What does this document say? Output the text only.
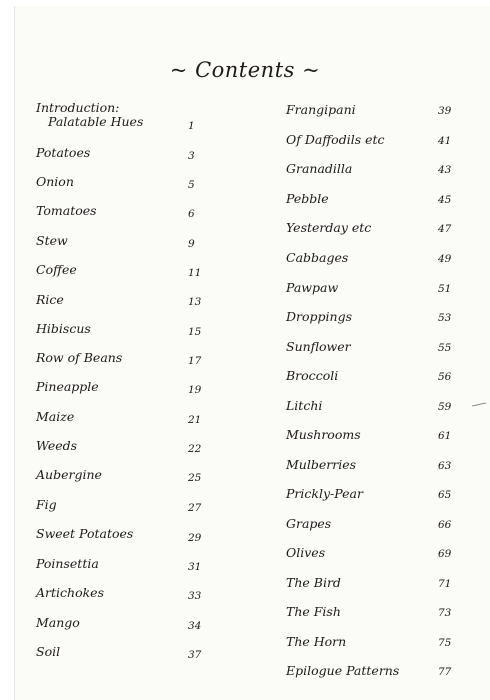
~ Contents ~
Introduction:
Palatable Hues	1
Potatoes	3
Onion	5
Tomatoes	6
Stew	9
Coffee	11
Rice	13
Hibiscus	15
Row of Beans	17
Pineapple	19
Maize	21
Weeds	22
Aubergine	25
Fig	27
Sweet Potatoes	29
Poinsettia	31
Artichokes	33
Mango	34
Soil	37
Frangipani	39
Of Daffodils etc	41
Granadilla	43
Pebble	45
Yesterday etc	47
Cabbages	49
Pawpaw	51
Droppings	53
Sunflower	55
Broccoli	56
Litchi	59
Mushrooms	61
Mulberries	63
Prickly-Pear	65
Grapes	66
Olives	69
The Bird	71
The Fish	73
The Horn	75
Epilogue Patterns	77
